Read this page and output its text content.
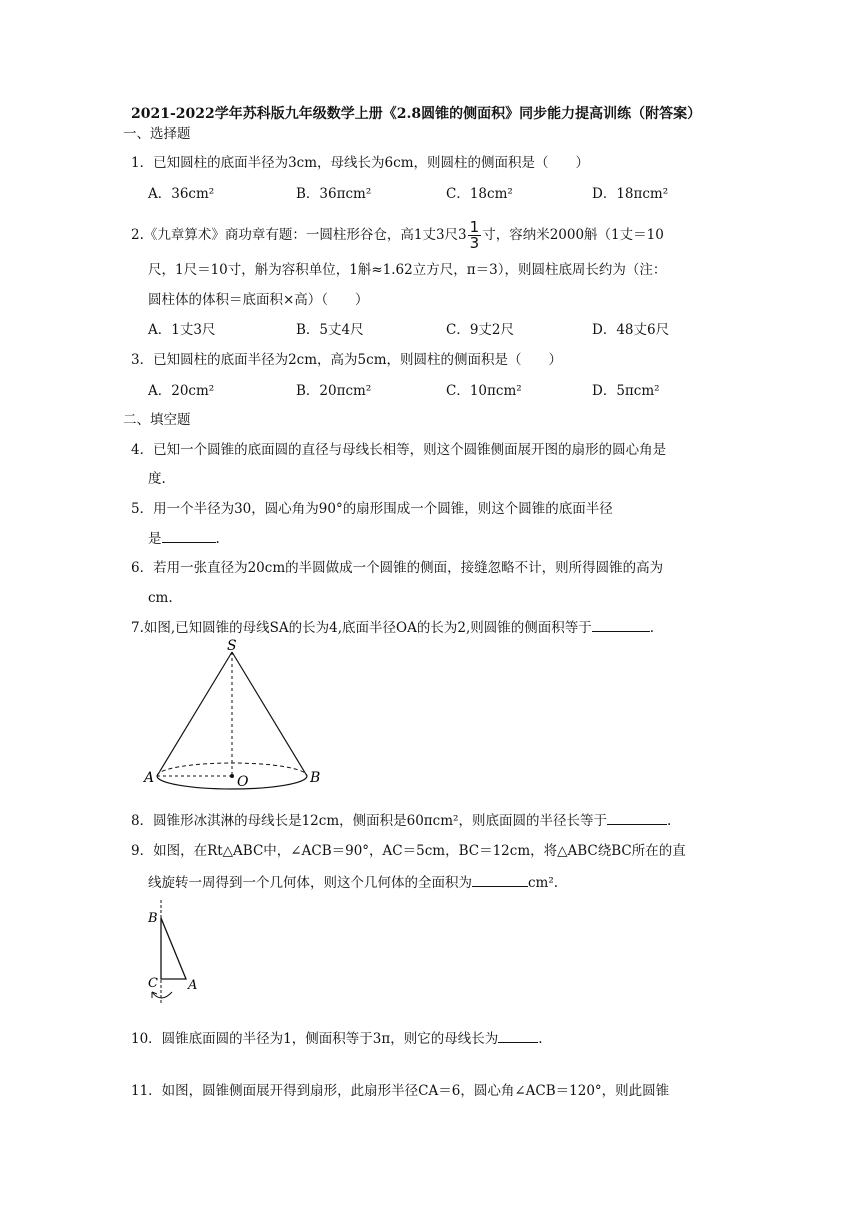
2021-2022学年苏科版九年级数学上册《2.8圆锥的侧面积》同步能力提高训练（附答案）
一、选择题
1．已知圆柱的底面半径为3cm，母线长为6cm，则圆柱的侧面积是（　　）
A．36cm²	B．36πcm²	C．18cm²	D．18πcm²
2.《九章算术》商功章有题：一圆柱形谷仓，高1丈3尺$3 \frac{1}{3}$ 寸，容纳米2000斛（1丈＝10
尺，1尺＝10寸，斛为容积单位，1斛≈1.62立方尺，π＝3），则圆柱底周长约为（注：
圆柱体的体积＝底面积×高）（　　）
A．1丈3尺	B．5丈4尺	C．9丈2尺	D．48丈6尺
3．已知圆柱的底面半径为2cm，高为5cm，则圆柱的侧面积是（　　）
A．20cm²	B．20πcm²	C．10πcm²	D．5πcm²
二、填空题
4．已知一个圆锥的底面圆的直径与母线长相等，则这个圆锥侧面展开图的扇形的圆心角是
度.
5．用一个半径为30，圆心角为90°的扇形围成一个圆锥，则这个圆锥的底面半径
是	.
6．若用一张直径为20cm的半圆做成一个圆锥的侧面，接缝忽略不计，则所得圆锥的高为
cm.
7.如图,已知圆锥的母线SA的长为4,底面半径OA的长为2,则圆锥的侧面积等于	.
S
A	O	B
8．圆锥形冰淇淋的母线长是12cm，侧面积是60πcm²，则底面圆的半径长等于	.
9．如图，在Rt△ABC中，∠ACB＝90°，AC＝5cm，BC＝12cm，将△ABC绕BC所在的直
线旋转一周得到一个几何体，则这个几何体的全面积为	cm².
B
C A
10．圆锥底面圆的半径为1，侧面积等于3π，则它的母线长为	.
11．如图，圆锥侧面展开得到扇形，此扇形半径CA＝6，圆心角∠ACB＝120°，则此圆锥
